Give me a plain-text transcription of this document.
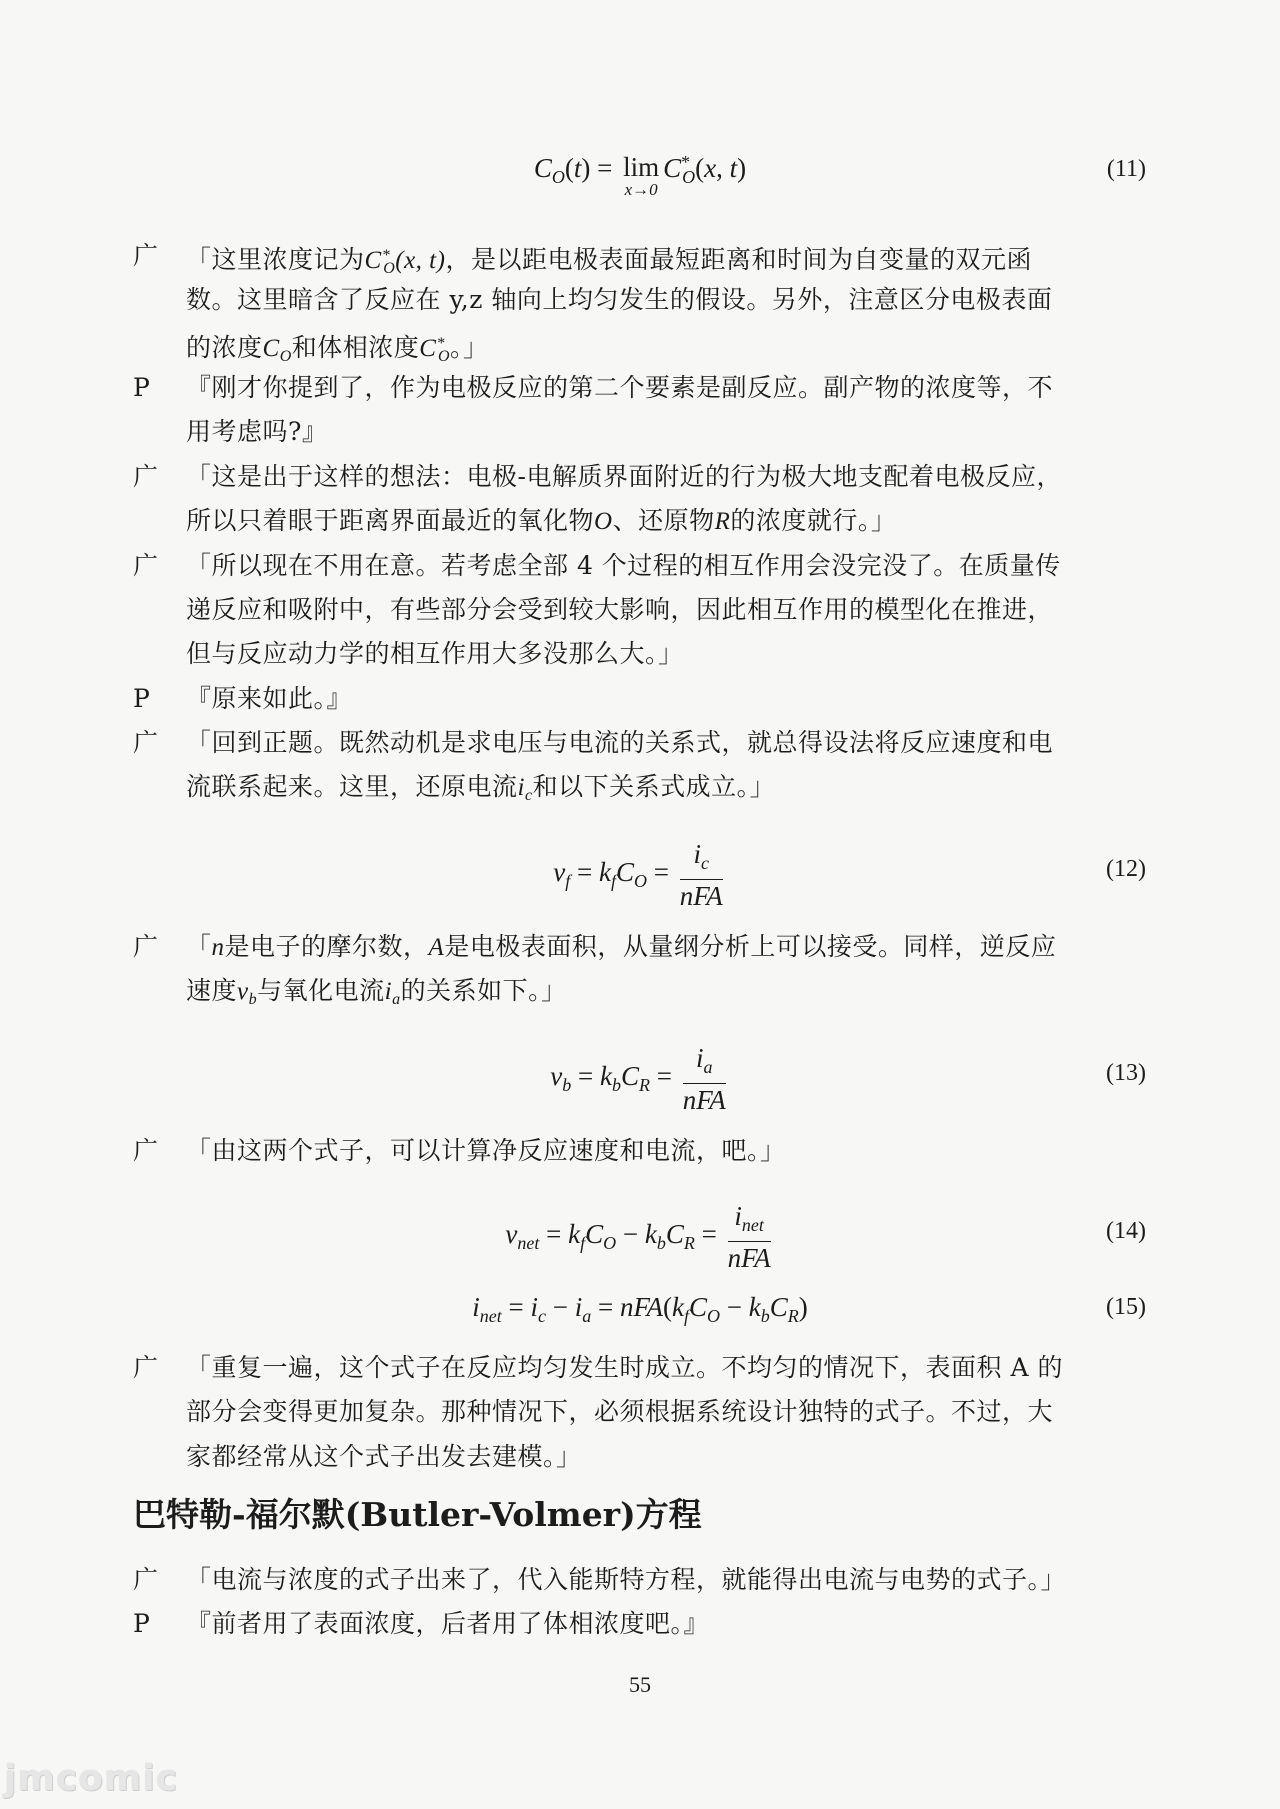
$C_O(t) = \lim$
x→0
$C^*_O(x$, t)	(11)
广	「这里浓度记为$C^*_O(x$, t)，是以距电极表面最短距离和时间为自变量的双元函
数。这里暗含了反应在 y,z 轴向上均匀发生的假设。另外，注意区分电极表面
的浓度$C_O$和体相浓度$C^*_O$。」
P	『刚才你提到了，作为电极反应的第二个要素是副反应。副产物的浓度等，不
用考虑吗?』
广	「这是出于这样的想法：电极-电解质界面附近的行为极大地支配着电极反应，
所以只着眼于距离界面最近的氧化物O、还原物R的浓度就行。」
广	「所以现在不用在意。若考虑全部 4 个过程的相互作用会没完没了。在质量传
递反应和吸附中，有些部分会受到较大影响，因此相互作用的模型化在推进，
但与反应动力学的相互作用大多没那么大。」
P	『原来如此。』
广	「回到正题。既然动机是求电压与电流的关系式，就总得设法将反应速度和电
流联系起来。这里，还原电流$i_c$和以下关系式成立。」
$v_f = k_fC_O = \frac{i_c}{\text{nFA}}$	(12)
广	「n是电子的摩尔数，A是电极表面积，从量纲分析上可以接受。同样，逆反应
速度$v_b$与氧化电流$i_a$的关系如下。」
$v_b = k_bC_R = \frac{i_a}{\text{nFA}}$	(13)
广	「由这两个式子，可以计算净反应速度和电流，吧。」
$v_{net} = k_fC_O - k_bC_R = \frac{i_{net}}{\text{nFA}}$	(14)
$i_{net} = i_c - i_a = nFA(k_fC_O - k_bC_R)$	(15)
广	「重复一遍，这个式子在反应均匀发生时成立。不均匀的情况下，表面积 A 的
部分会变得更加复杂。那种情况下，必须根据系统设计独特的式子。不过，大
家都经常从这个式子出发去建模。」
巴特勒-福尔默(Butler-Volmer)方程
广	「电流与浓度的式子出来了，代入能斯特方程，就能得出电流与电势的式子。」
P	『前者用了表面浓度，后者用了体相浓度吧。』
55
jmcomic
